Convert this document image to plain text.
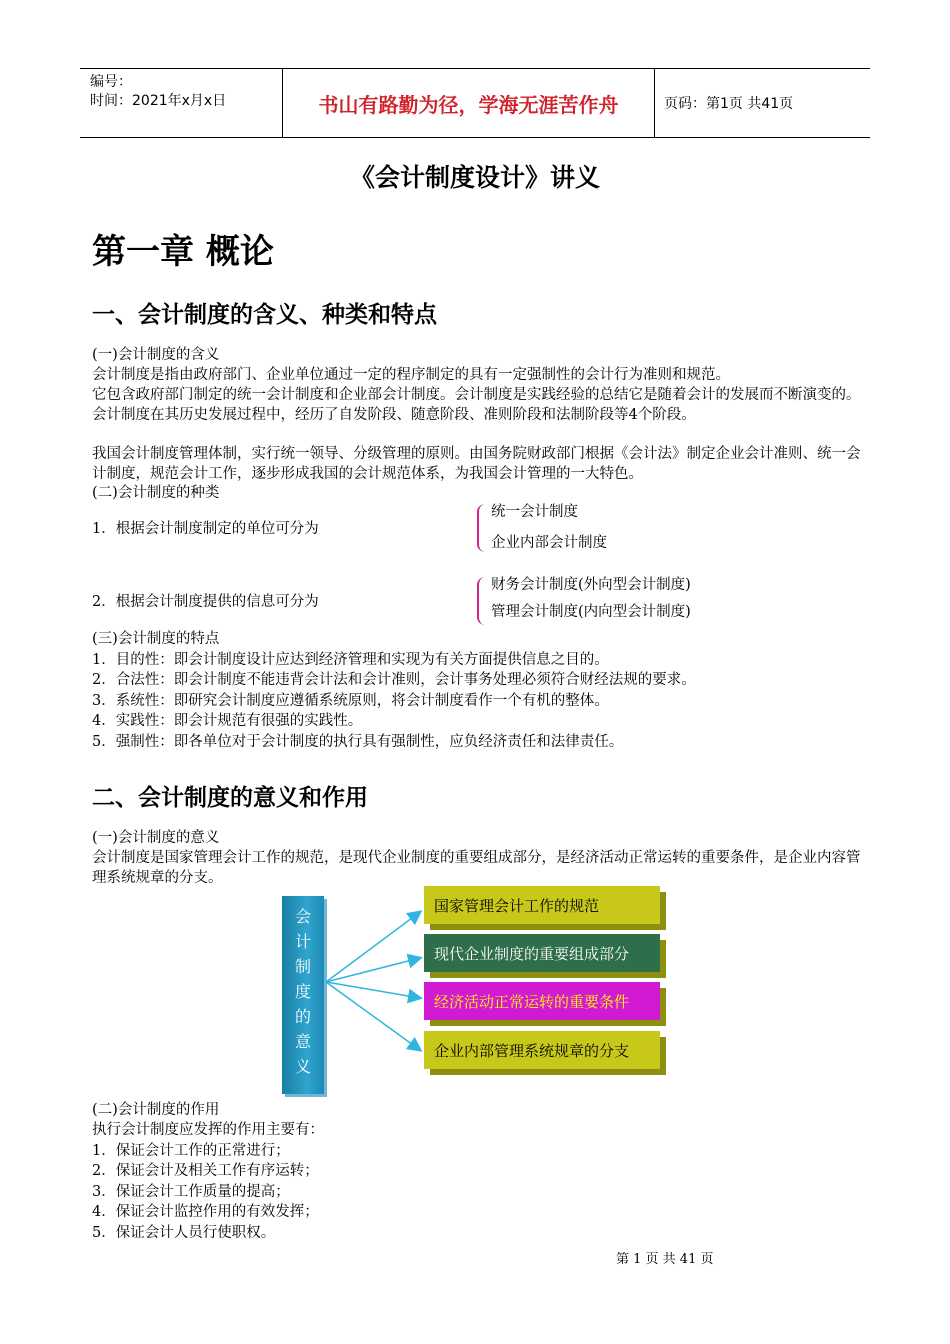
编号：
时间：2021年x月x日	书山有路勤为径，学海无涯苦作舟	页码：第1页 共41页
《会计制度设计》讲义
第一章 概论
一、会计制度的含义、种类和特点
(一)会计制度的含义
会计制度是指由政府部门、企业单位通过一定的程序制定的具有一定强制性的会计行为准则和规范。
它包含政府部门制定的统一会计制度和企业部会计制度。会计制度是实践经验的总结它是随着会计的发展而不断演变的。会计制度在其历史发展过程中，经历了自发阶段、随意阶段、准则阶段和法制阶段等4个阶段。
我国会计制度管理体制，实行统一领导、分级管理的原则。由国务院财政部门根据《会计法》制定企业会计准则、统一会计制度，规范会计工作，逐步形成我国的会计规范体系，为我国会计管理的一大特色。
(二)会计制度的种类
1．根据会计制度制定的单位可分为
统一会计制度
企业内部会计制度
2．根据会计制度提供的信息可分为
财务会计制度(外向型会计制度)
管理会计制度(内向型会计制度)
(三)会计制度的特点
1．目的性：即会计制度设计应达到经济管理和实现为有关方面提供信息之目的。
2．合法性：即会计制度不能违背会计法和会计准则，会计事务处理必须符合财经法规的要求。
3．系统性：即研究会计制度应遵循系统原则，将会计制度看作一个有机的整体。
4．实践性：即会计规范有很强的实践性。
5．强制性：即各单位对于会计制度的执行具有强制性，应负经济责任和法律责任。
二、会计制度的意义和作用
(一)会计制度的意义
会计制度是国家管理会计工作的规范，是现代企业制度的重要组成部分，是经济活动正常运转的重要条件，是企业内容管理系统规章的分支。
会
计
制
度
的
意
义
国家管理会计工作的规范
现代企业制度的重要组成部分
经济活动正常运转的重要条件
企业内部管理系统规章的分支
(二)会计制度的作用
执行会计制度应发挥的作用主要有：
1．保证会计工作的正常进行；
2．保证会计及相关工作有序运转；
3．保证会计工作质量的提高；
4．保证会计监控作用的有效发挥；
5．保证会计人员行使职权。
第 1 页 共 41 页
